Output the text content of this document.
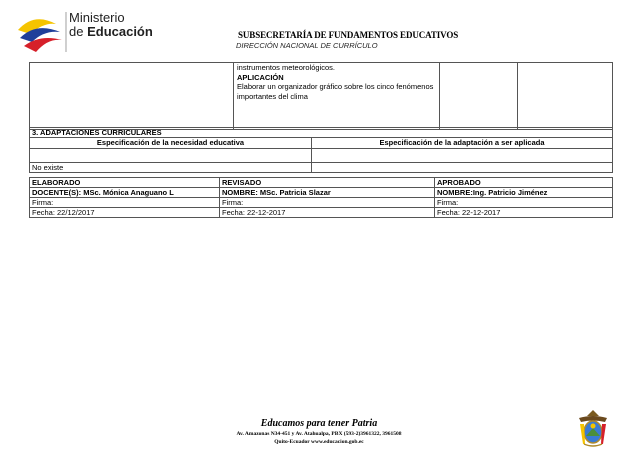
Ministerio
de Educación	SUBSECRETARÍA DE FUNDAMENTOS EDUCATIVOS
DIRECCIÓN NACIONAL DE CURRÍCULO

instrumentos meteorológicos.
APLICACIÓN
Elaborar un organizador gráfico sobre los cinco fenómenos importantes del clima

3. ADAPTACIONES CURRICULARES	
Especificación de la necesidad educativa	Especificación de la adaptación a ser aplicada

No existe	
ELABORADO	REVISADO	APROBADO
DOCENTE(S): MSc. Mónica Anaguano L	NOMBRE: MSc. Patricia Slazar	NOMBRE:Ing. Patricio Jiménez
Firma:	Firma:	Firma:
Fecha: 22/12/2017	Fecha: 22-12-2017	Fecha: 22-12-2017
Educamos para tener Patria
Av. Amazonas N34-451 y Av. Atahualpa, PBX (593-2)3961322, 3961508
Quito-Ecuador www.educacion.gob.ec
